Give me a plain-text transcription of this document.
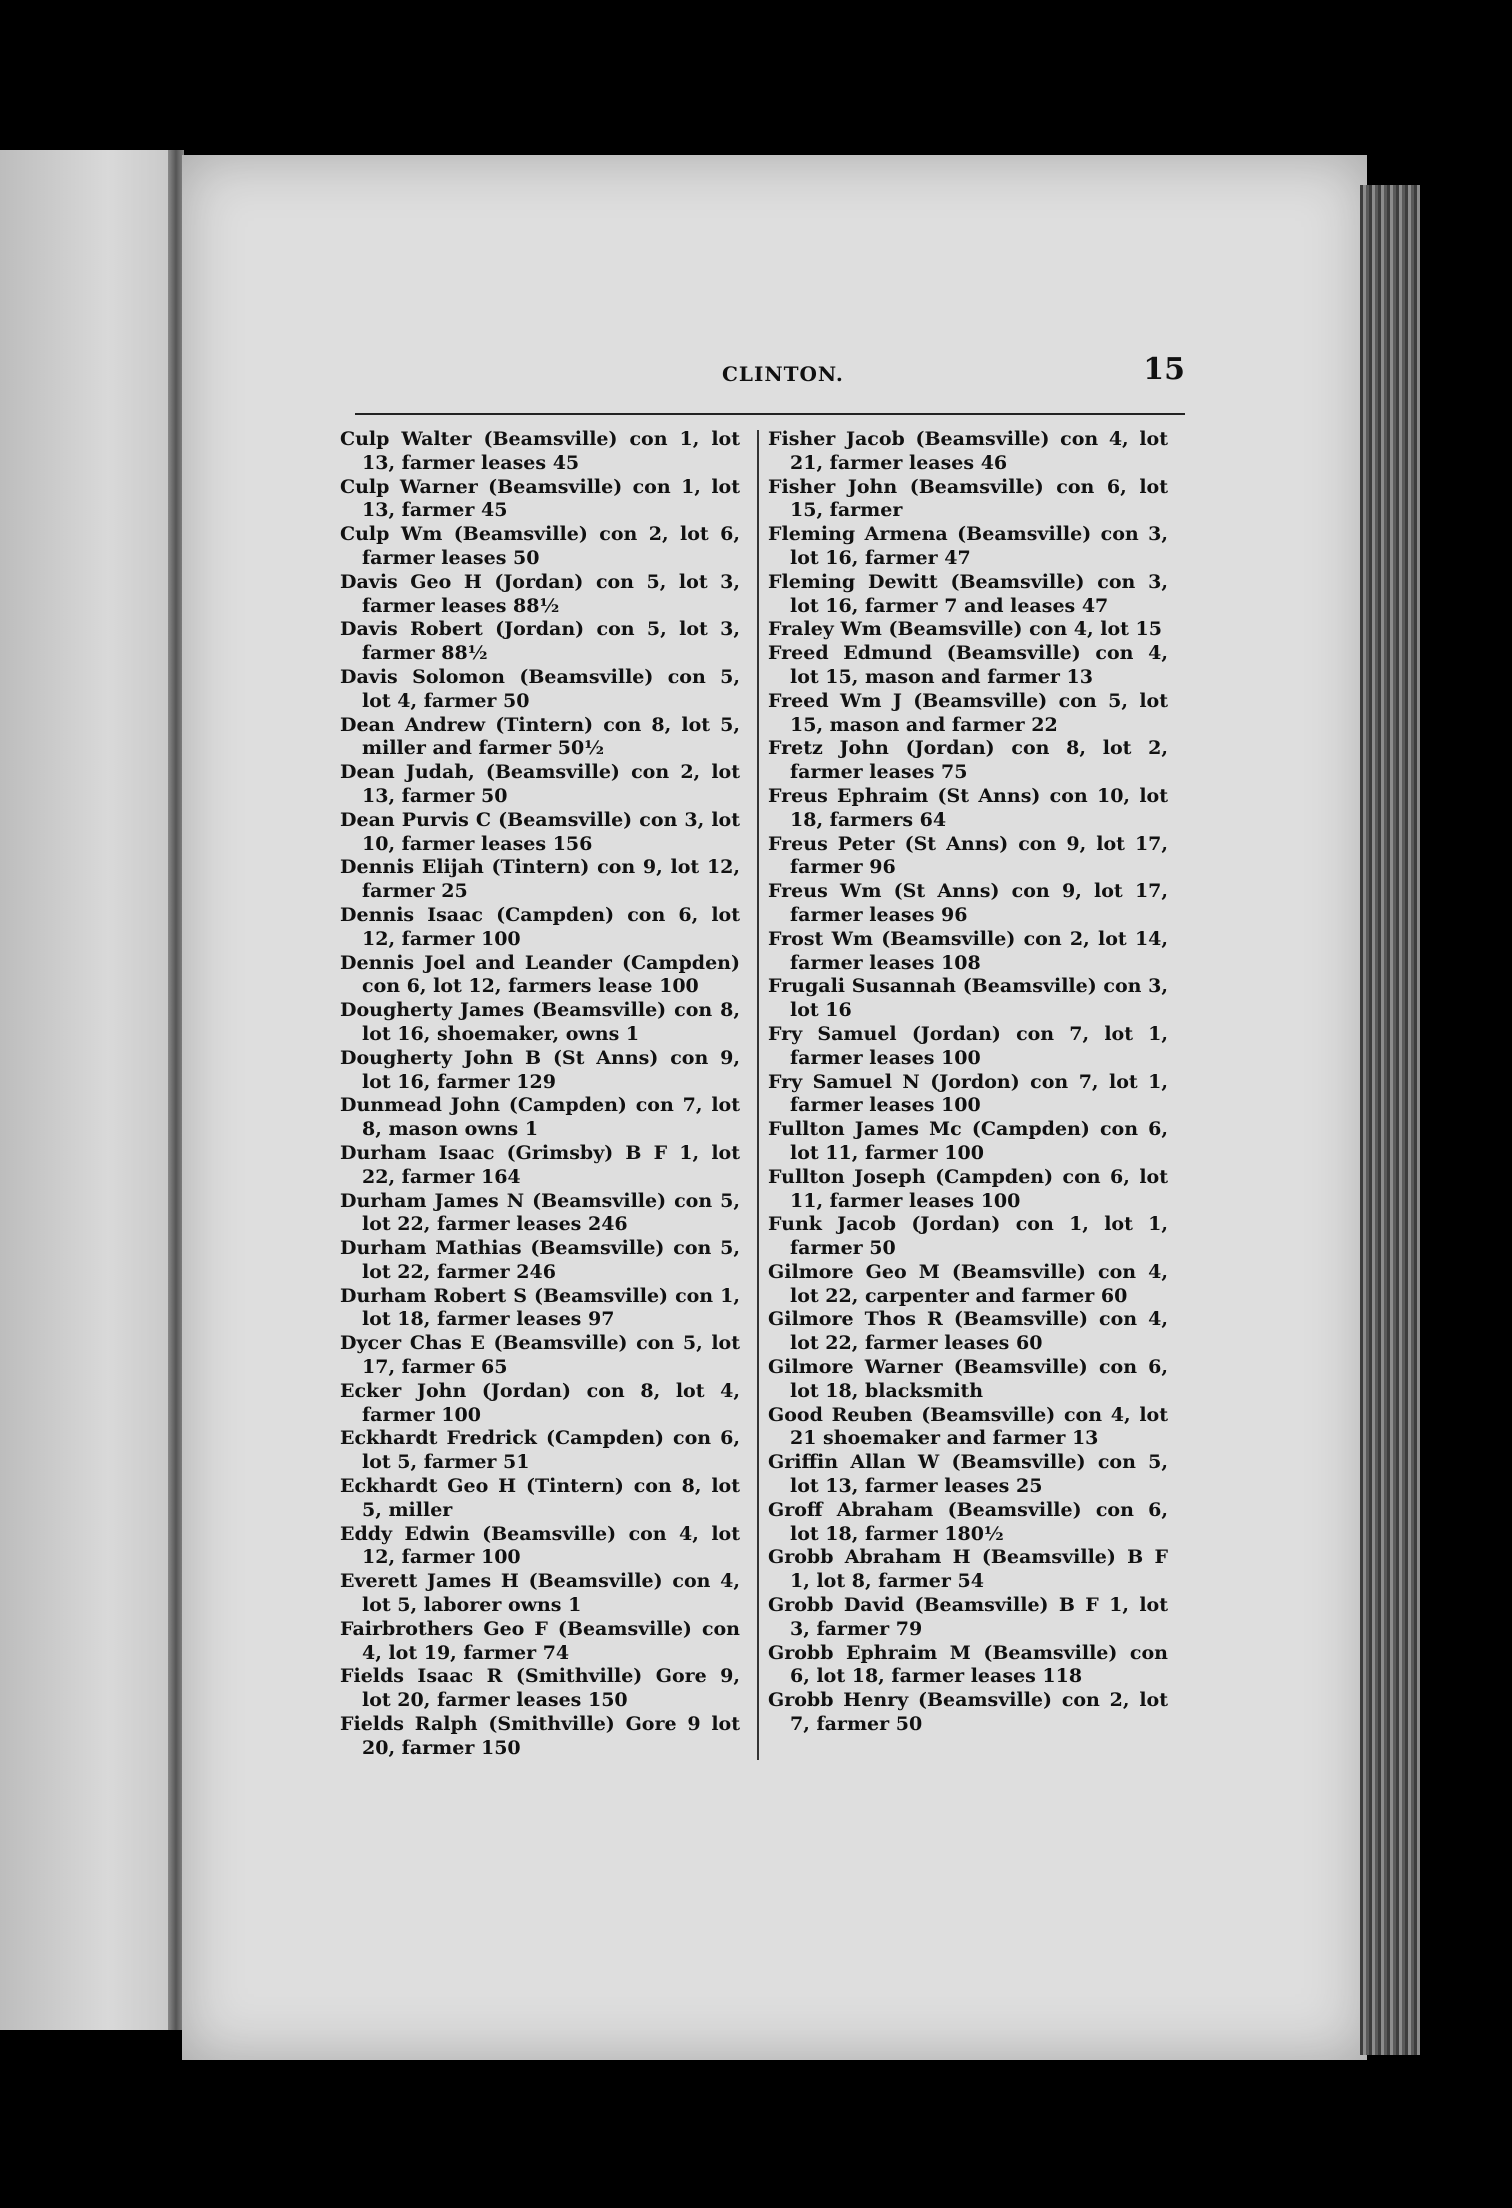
CLINTON.	15
Culp Walter (Beamsville) con 1, lot 13, farmer leases 45
Culp Warner (Beamsville) con 1, lot 13, farmer 45
Culp Wm (Beamsville) con 2, lot 6, farmer leases 50
Davis Geo H (Jordan) con 5, lot 3, farmer leases 88½
Davis Robert (Jordan) con 5, lot 3, farmer 88½
Davis Solomon (Beamsville) con 5, lot 4, farmer 50
Dean Andrew (Tintern) con 8, lot 5, miller and farmer 50½
Dean Judah, (Beamsville) con 2, lot 13, farmer 50
Dean Purvis C (Beamsville) con 3, lot 10, farmer leases 156
Dennis Elijah (Tintern) con 9, lot 12, farmer 25
Dennis Isaac (Campden) con 6, lot 12, farmer 100
Dennis Joel and Leander (Campden) con 6, lot 12, farmers lease 100
Dougherty James (Beamsville) con 8, lot 16, shoemaker, owns 1
Dougherty John B (St Anns) con 9, lot 16, farmer 129
Dunmead John (Campden) con 7, lot 8, mason owns 1
Durham Isaac (Grimsby) B F 1, lot 22, farmer 164
Durham James N (Beamsville) con 5, lot 22, farmer leases 246
Durham Mathias (Beamsville) con 5, lot 22, farmer 246
Durham Robert S (Beamsville) con 1, lot 18, farmer leases 97
Dycer Chas E (Beamsville) con 5, lot 17, farmer 65
Ecker John (Jordan) con 8, lot 4, farmer 100
Eckhardt Fredrick (Campden) con 6, lot 5, farmer 51
Eckhardt Geo H (Tintern) con 8, lot 5, miller
Eddy Edwin (Beamsville) con 4, lot 12, farmer 100
Everett James H (Beamsville) con 4, lot 5, laborer owns 1
Fairbrothers Geo F (Beamsville) con 4, lot 19, farmer 74
Fields Isaac R (Smithville) Gore 9, lot 20, farmer leases 150
Fields Ralph (Smithville) Gore 9 lot 20, farmer 150
Fisher Jacob (Beamsville) con 4, lot 21, farmer leases 46
Fisher John (Beamsville) con 6, lot 15, farmer
Fleming Armena (Beamsville) con 3, lot 16, farmer 47
Fleming Dewitt (Beamsville) con 3, lot 16, farmer 7 and leases 47
Fraley Wm (Beamsville) con 4, lot 15
Freed Edmund (Beamsville) con 4, lot 15, mason and farmer 13
Freed Wm J (Beamsville) con 5, lot 15, mason and farmer 22
Fretz John (Jordan) con 8, lot 2, farmer leases 75
Freus Ephraim (St Anns) con 10, lot 18, farmers 64
Freus Peter (St Anns) con 9, lot 17, farmer 96
Freus Wm (St Anns) con 9, lot 17, farmer leases 96
Frost Wm (Beamsville) con 2, lot 14, farmer leases 108
Frugali Susannah (Beamsville) con 3, lot 16
Fry Samuel (Jordan) con 7, lot 1, farmer leases 100
Fry Samuel N (Jordon) con 7, lot 1, farmer leases 100
Fullton James Mc (Campden) con 6, lot 11, farmer 100
Fullton Joseph (Campden) con 6, lot 11, farmer leases 100
Funk Jacob (Jordan) con 1, lot 1, farmer 50
Gilmore Geo M (Beamsville) con 4, lot 22, carpenter and farmer 60
Gilmore Thos R (Beamsville) con 4, lot 22, farmer leases 60
Gilmore Warner (Beamsville) con 6, lot 18, blacksmith
Good Reuben (Beamsville) con 4, lot 21 shoemaker and farmer 13
Griffin Allan W (Beamsville) con 5, lot 13, farmer leases 25
Groff Abraham (Beamsville) con 6, lot 18, farmer 180½
Grobb Abraham H (Beamsville) B F 1, lot 8, farmer 54
Grobb David (Beamsville) B F 1, lot 3, farmer 79
Grobb Ephraim M (Beamsville) con 6, lot 18, farmer leases 118
Grobb Henry (Beamsville) con 2, lot 7, farmer 50
